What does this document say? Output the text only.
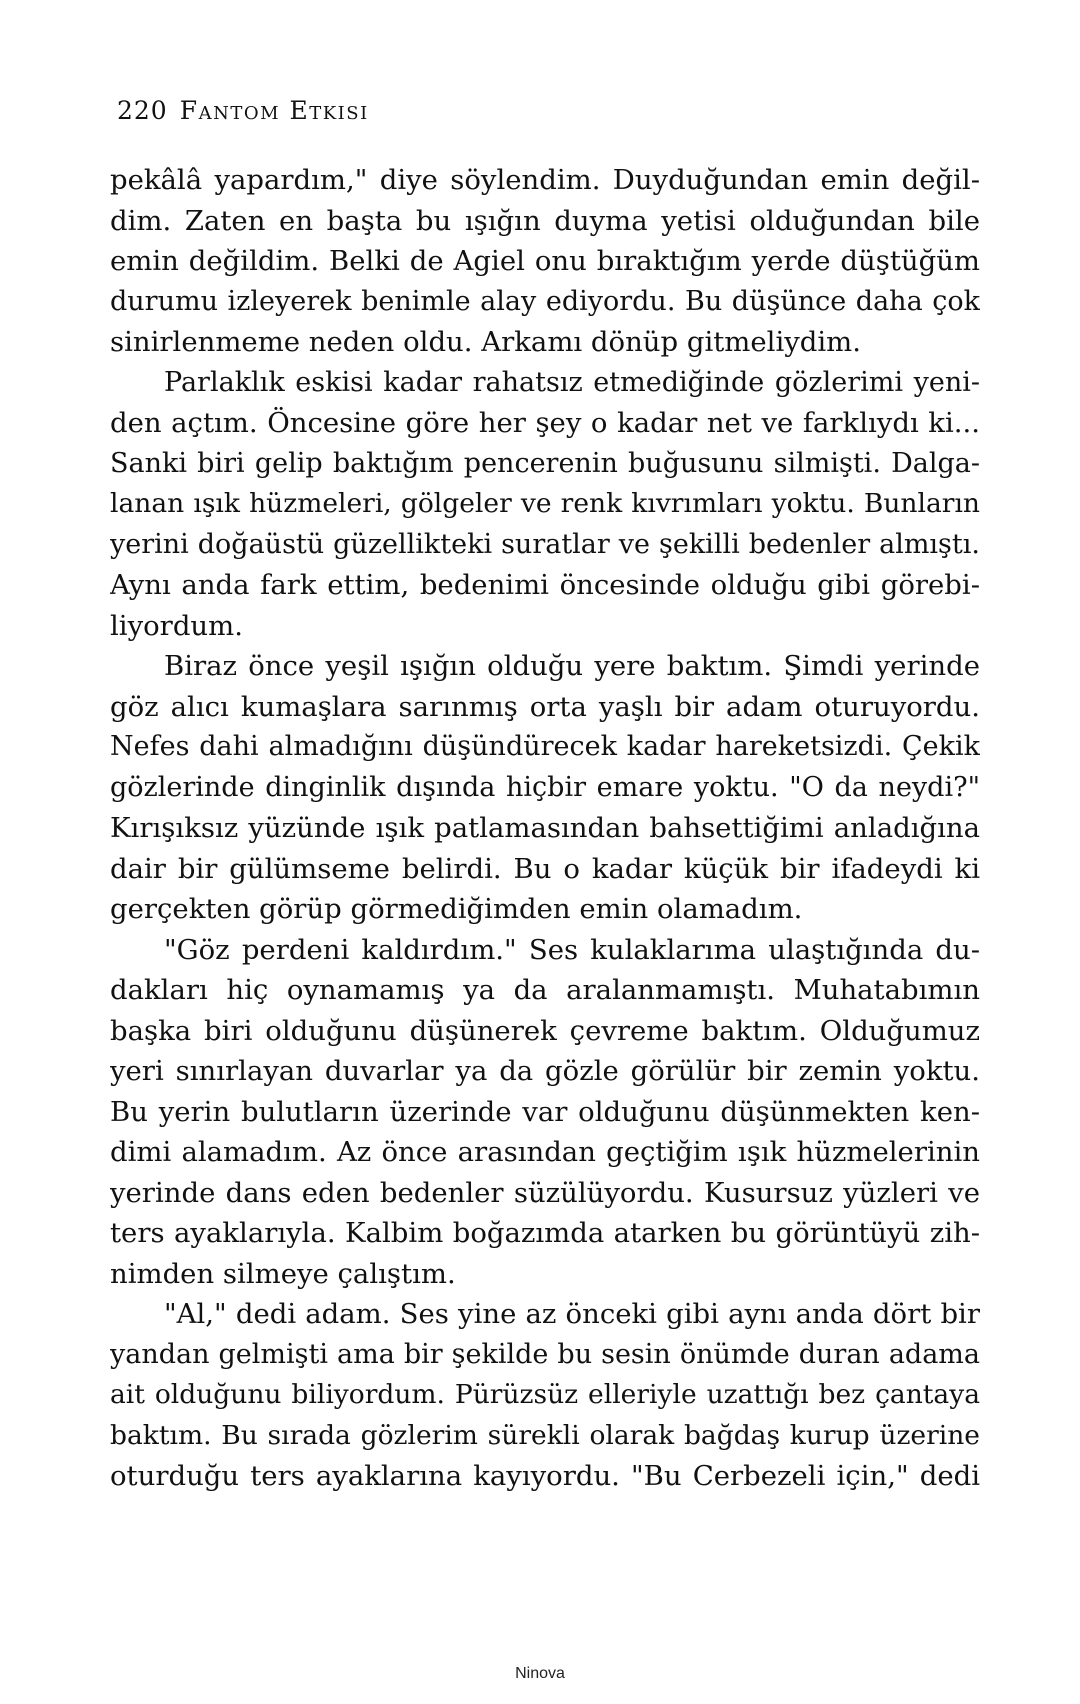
220 Fantom Etkisi
pekâlâ yapardım," diye söylendim. Duyduğundan emin değil-
dim. Zaten en başta bu ışığın duyma yetisi olduğundan bile
emin değildim. Belki de Agiel onu bıraktığım yerde düştüğüm
durumu izleyerek benimle alay ediyordu. Bu düşünce daha çok
sinirlenmeme neden oldu. Arkamı dönüp gitmeliydim.
Parlaklık eskisi kadar rahatsız etmediğinde gözlerimi yeni-
den açtım. Öncesine göre her şey o kadar net ve farklıydı ki...
Sanki biri gelip baktığım pencerenin buğusunu silmişti. Dalga-
lanan ışık hüzmeleri, gölgeler ve renk kıvrımları yoktu. Bunların
yerini doğaüstü güzellikteki suratlar ve şekilli bedenler almıştı.
Aynı anda fark ettim, bedenimi öncesinde olduğu gibi görebi-
liyordum.
Biraz önce yeşil ışığın olduğu yere baktım. Şimdi yerinde
göz alıcı kumaşlara sarınmış orta yaşlı bir adam oturuyordu.
Nefes dahi almadığını düşündürecek kadar hareketsizdi. Çekik
gözlerinde dinginlik dışında hiçbir emare yoktu. "O da neydi?"
Kırışıksız yüzünde ışık patlamasından bahsettiğimi anladığına
dair bir gülümseme belirdi. Bu o kadar küçük bir ifadeydi ki
gerçekten görüp görmediğimden emin olamadım.
"Göz perdeni kaldırdım." Ses kulaklarıma ulaştığında du-
dakları hiç oynamamış ya da aralanmamıştı. Muhatabımın
başka biri olduğunu düşünerek çevreme baktım. Olduğumuz
yeri sınırlayan duvarlar ya da gözle görülür bir zemin yoktu.
Bu yerin bulutların üzerinde var olduğunu düşünmekten ken-
dimi alamadım. Az önce arasından geçtiğim ışık hüzmelerinin
yerinde dans eden bedenler süzülüyordu. Kusursuz yüzleri ve
ters ayaklarıyla. Kalbim boğazımda atarken bu görüntüyü zih-
nimden silmeye çalıştım.
"Al," dedi adam. Ses yine az önceki gibi aynı anda dört bir
yandan gelmişti ama bir şekilde bu sesin önümde duran adama
ait olduğunu biliyordum. Pürüzsüz elleriyle uzattığı bez çantaya
baktım. Bu sırada gözlerim sürekli olarak bağdaş kurup üzerine
oturduğu ters ayaklarına kayıyordu. "Bu Cerbezeli için," dedi
Ninova
